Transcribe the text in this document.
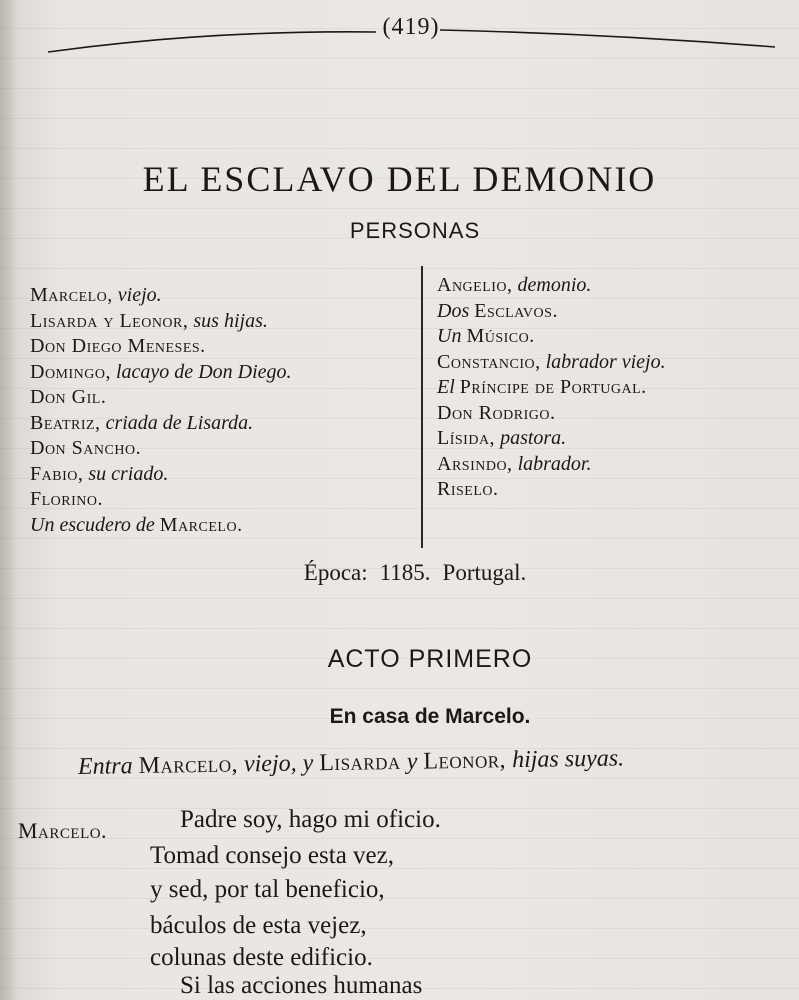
(419)
EL ESCLAVO DEL DEMONIO
PERSONAS
Marcelo, viejo.
Lisarda y Leonor, sus hijas.
Don Diego Meneses.
Domingo, lacayo de Don Diego.
Don Gil.
Beatriz, criada de Lisarda.
Don Sancho.
Fabio, su criado.
Florino.
Un escudero de Marcelo.
Angelio, demonio.
Dos Esclavos.
Un Músico.
Constancio, labrador viejo.
El Príncipe de Portugal.
Don Rodrigo.
Lísida, pastora.
Arsindo, labrador.
Riselo.
Época: 1185. Portugal.
ACTO PRIMERO
En casa de Marcelo.
Entra Marcelo, viejo, y Lisarda y Leonor, hijas suyas.
Marcelo.	Padre soy, hago mi oficio.
Tomad consejo esta vez,
y sed, por tal beneficio,
báculos de esta vejez,
colunas deste edificio.
Si las acciones humanas
